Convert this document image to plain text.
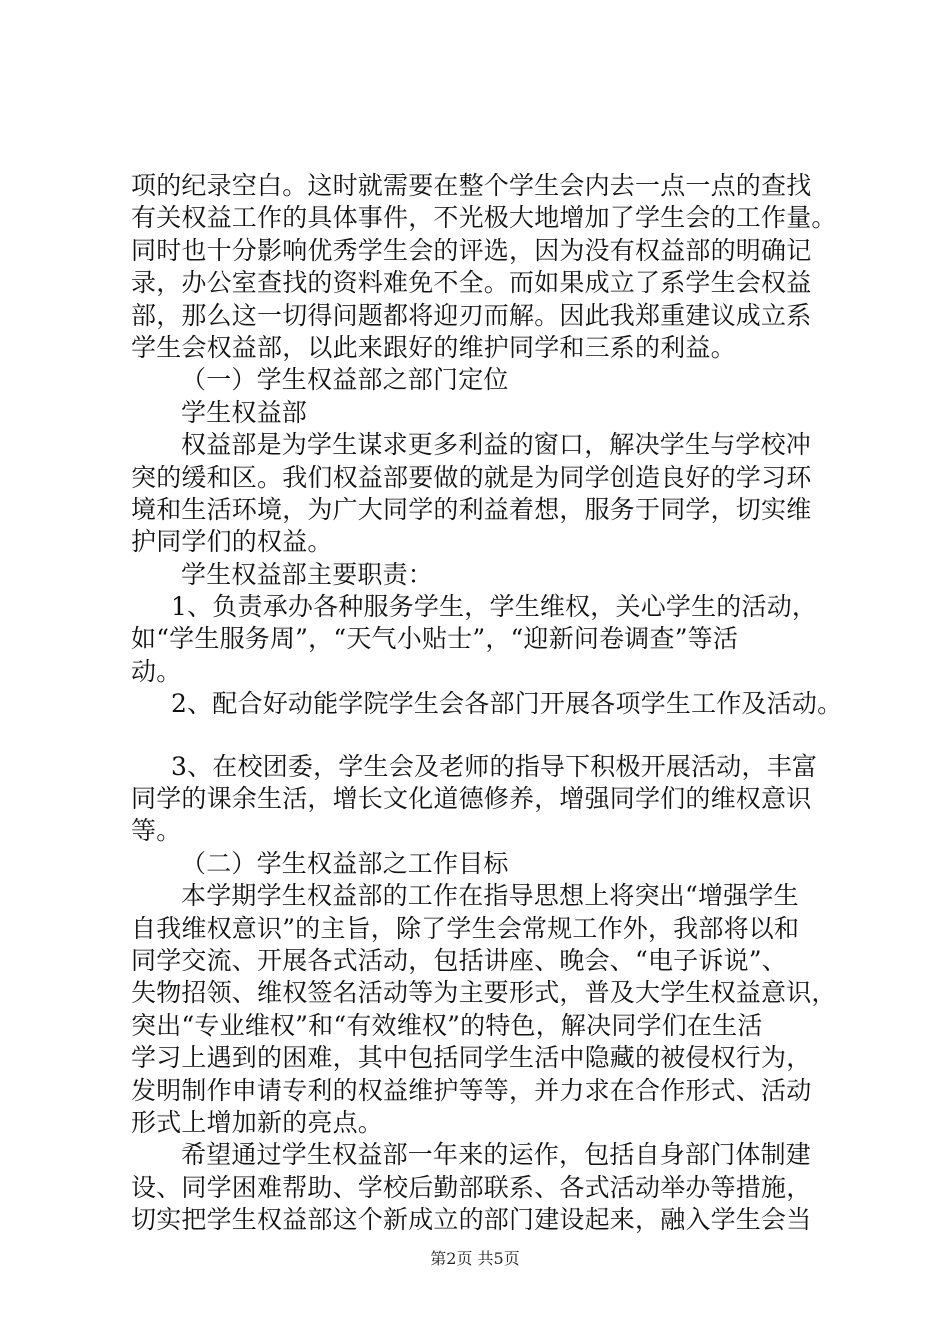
项的纪录空白。这时就需要在整个学生会内去一点一点的查找
有关权益工作的具体事件，不光极大地增加了学生会的工作量。
同时也十分影响优秀学生会的评选，因为没有权益部的明确记
录，办公室查找的资料难免不全。而如果成立了系学生会权益
部，那么这一切得问题都将迎刃而解。因此我郑重建议成立系
学生会权益部，以此来跟好的维护同学和三系的利益。
（一）学生权益部之部门定位
学生权益部
权益部是为学生谋求更多利益的窗口，解决学生与学校冲
突的缓和区。我们权益部要做的就是为同学创造良好的学习环
境和生活环境，为广大同学的利益着想，服务于同学，切实维
护同学们的权益。
学生权益部主要职责：
1、负责承办各种服务学生，学生维权，关心学生的活动，
如“学生服务周”，“天气小贴士”，“迎新问卷调查”等活
动。
2、配合好动能学院学生会各部门开展各项学生工作及活动。
3、在校团委，学生会及老师的指导下积极开展活动，丰富
同学的课余生活，增长文化道德修养，增强同学们的维权意识
等。
（二）学生权益部之工作目标
本学期学生权益部的工作在指导思想上将突出“增强学生
自我维权意识”的主旨，除了学生会常规工作外，我部将以和
同学交流、开展各式活动，包括讲座、晚会、“电子诉说”、
失物招领、维权签名活动等为主要形式，普及大学生权益意识，
突出“专业维权”和“有效维权”的特色，解决同学们在生活
学习上遇到的困难，其中包括同学生活中隐藏的被侵权行为，
发明制作申请专利的权益维护等等，并力求在合作形式、活动
形式上增加新的亮点。
希望通过学生权益部一年来的运作，包括自身部门体制建
设、同学困难帮助、学校后勤部联系、各式活动举办等措施，
切实把学生权益部这个新成立的部门建设起来，融入学生会当
第2页 共5页
